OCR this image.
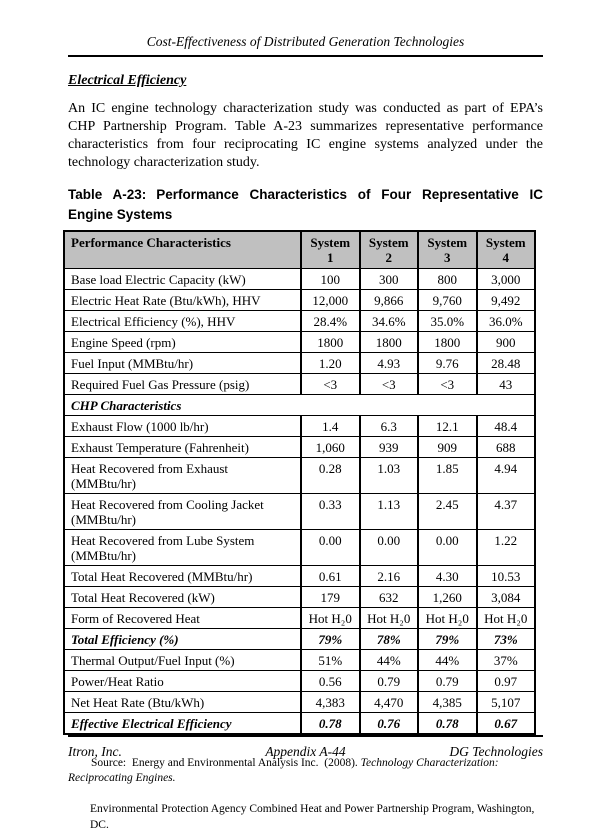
Cost-Effectiveness of Distributed Generation Technologies
Electrical Efficiency

An IC engine technology characterization study was conducted as part of EPA’s CHP Partnership Program. Table A-23 summarizes representative performance characteristics from four reciprocating IC engine systems analyzed under the technology characterization study.

Table A-23: Performance Characteristics of Four Representative IC Engine Systems
Performance Characteristics	System 1	System 2	System 3	System 4
Base load Electric Capacity (kW)	100	300	800	3,000
Electric Heat Rate (Btu/kWh), HHV	12,000	9,866	9,760	9,492
Electrical Efficiency (%), HHV	28.4%	34.6%	35.0%	36.0%
Engine Speed (rpm)	1800	1800	1800	900
Fuel Input (MMBtu/hr)	1.20	4.93	9.76	28.48
Required Fuel Gas Pressure (psig)	<3	<3	<3	43
CHP Characteristics				
Exhaust Flow (1000 lb/hr)	1.4	6.3	12.1	48.4
Exhaust Temperature (Fahrenheit)	1,060	939	909	688
Heat Recovered from Exhaust (MMBtu/hr)	0.28	1.03	1.85	4.94
Heat Recovered from Cooling Jacket
(MMBtu/hr)	0.33	1.13	2.45	4.37
Heat Recovered from Lube System
(MMBtu/hr)	0.00	0.00	0.00	1.22
Total Heat Recovered (MMBtu/hr)	0.61	2.16	4.30	10.53
Total Heat Recovered (kW)	179	632	1,260	3,084
Form of Recovered Heat	Hot H₂0	Hot H₂0	Hot H₂0	Hot H₂0
Total Efficiency (%)	79%	78%	79%	73%
Thermal Output/Fuel Input (%)	51%	44%	44%	37%
Power/Heat Ratio	0.56	0.79	0.79	0.97
Net Heat Rate (Btu/kWh)	4,383	4,470	4,385	5,107
Effective Electrical Efficiency	0.78	0.76	0.78	0.67

Source:  Energy and Environmental Analysis Inc.  (2008). Technology Characterization:  Reciprocating Engines.

Environmental Protection Agency Combined Heat and Power Partnership Program, Washington, DC.
Itron, Inc.	Appendix A-44	DG Technologies
